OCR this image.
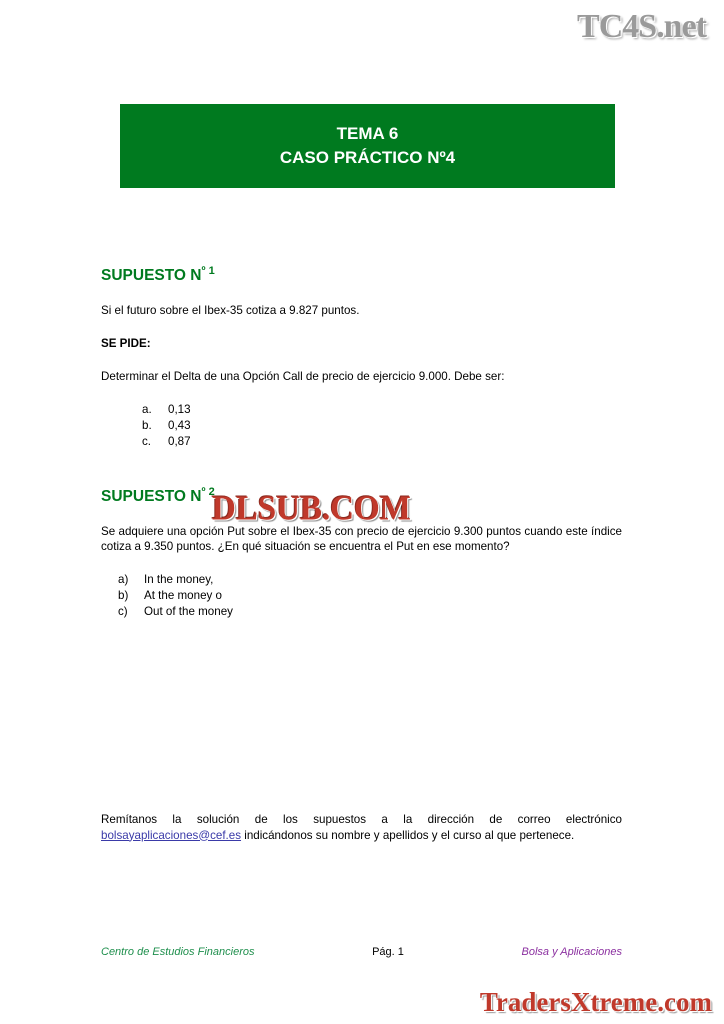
TC4S.net
TEMA 6
CASO PRÁCTICO Nº4
SUPUESTO $N^{º 1}$

Si el futuro sobre el Ibex-35 cotiza a 9.827 puntos.

SE PIDE:

Determinar el Delta de una Opción Call de precio de ejercicio 9.000. Debe ser:

a.	0,13
b.	0,43
c.	0,87
SUPUESTO $N^{º 2}$

Se adquiere una opción Put sobre el Ibex-35 con precio de ejercicio 9.300 puntos cuando este índice cotiza a 9.350 puntos. ¿En qué situación se encuentra el Put en ese momento?

a)	In the money,
b)	At the money o
c)	Out of the money
DLSUB.COM
Remítanos la solución de los supuestos a la dirección de correo electrónico bolsayaplicaciones@cef.es indicándonos su nombre y apellidos y el curso al que pertenece.
Centro de Estudios Financieros	Pág. 1	Bolsa y Aplicaciones
TradersXtreme.com
